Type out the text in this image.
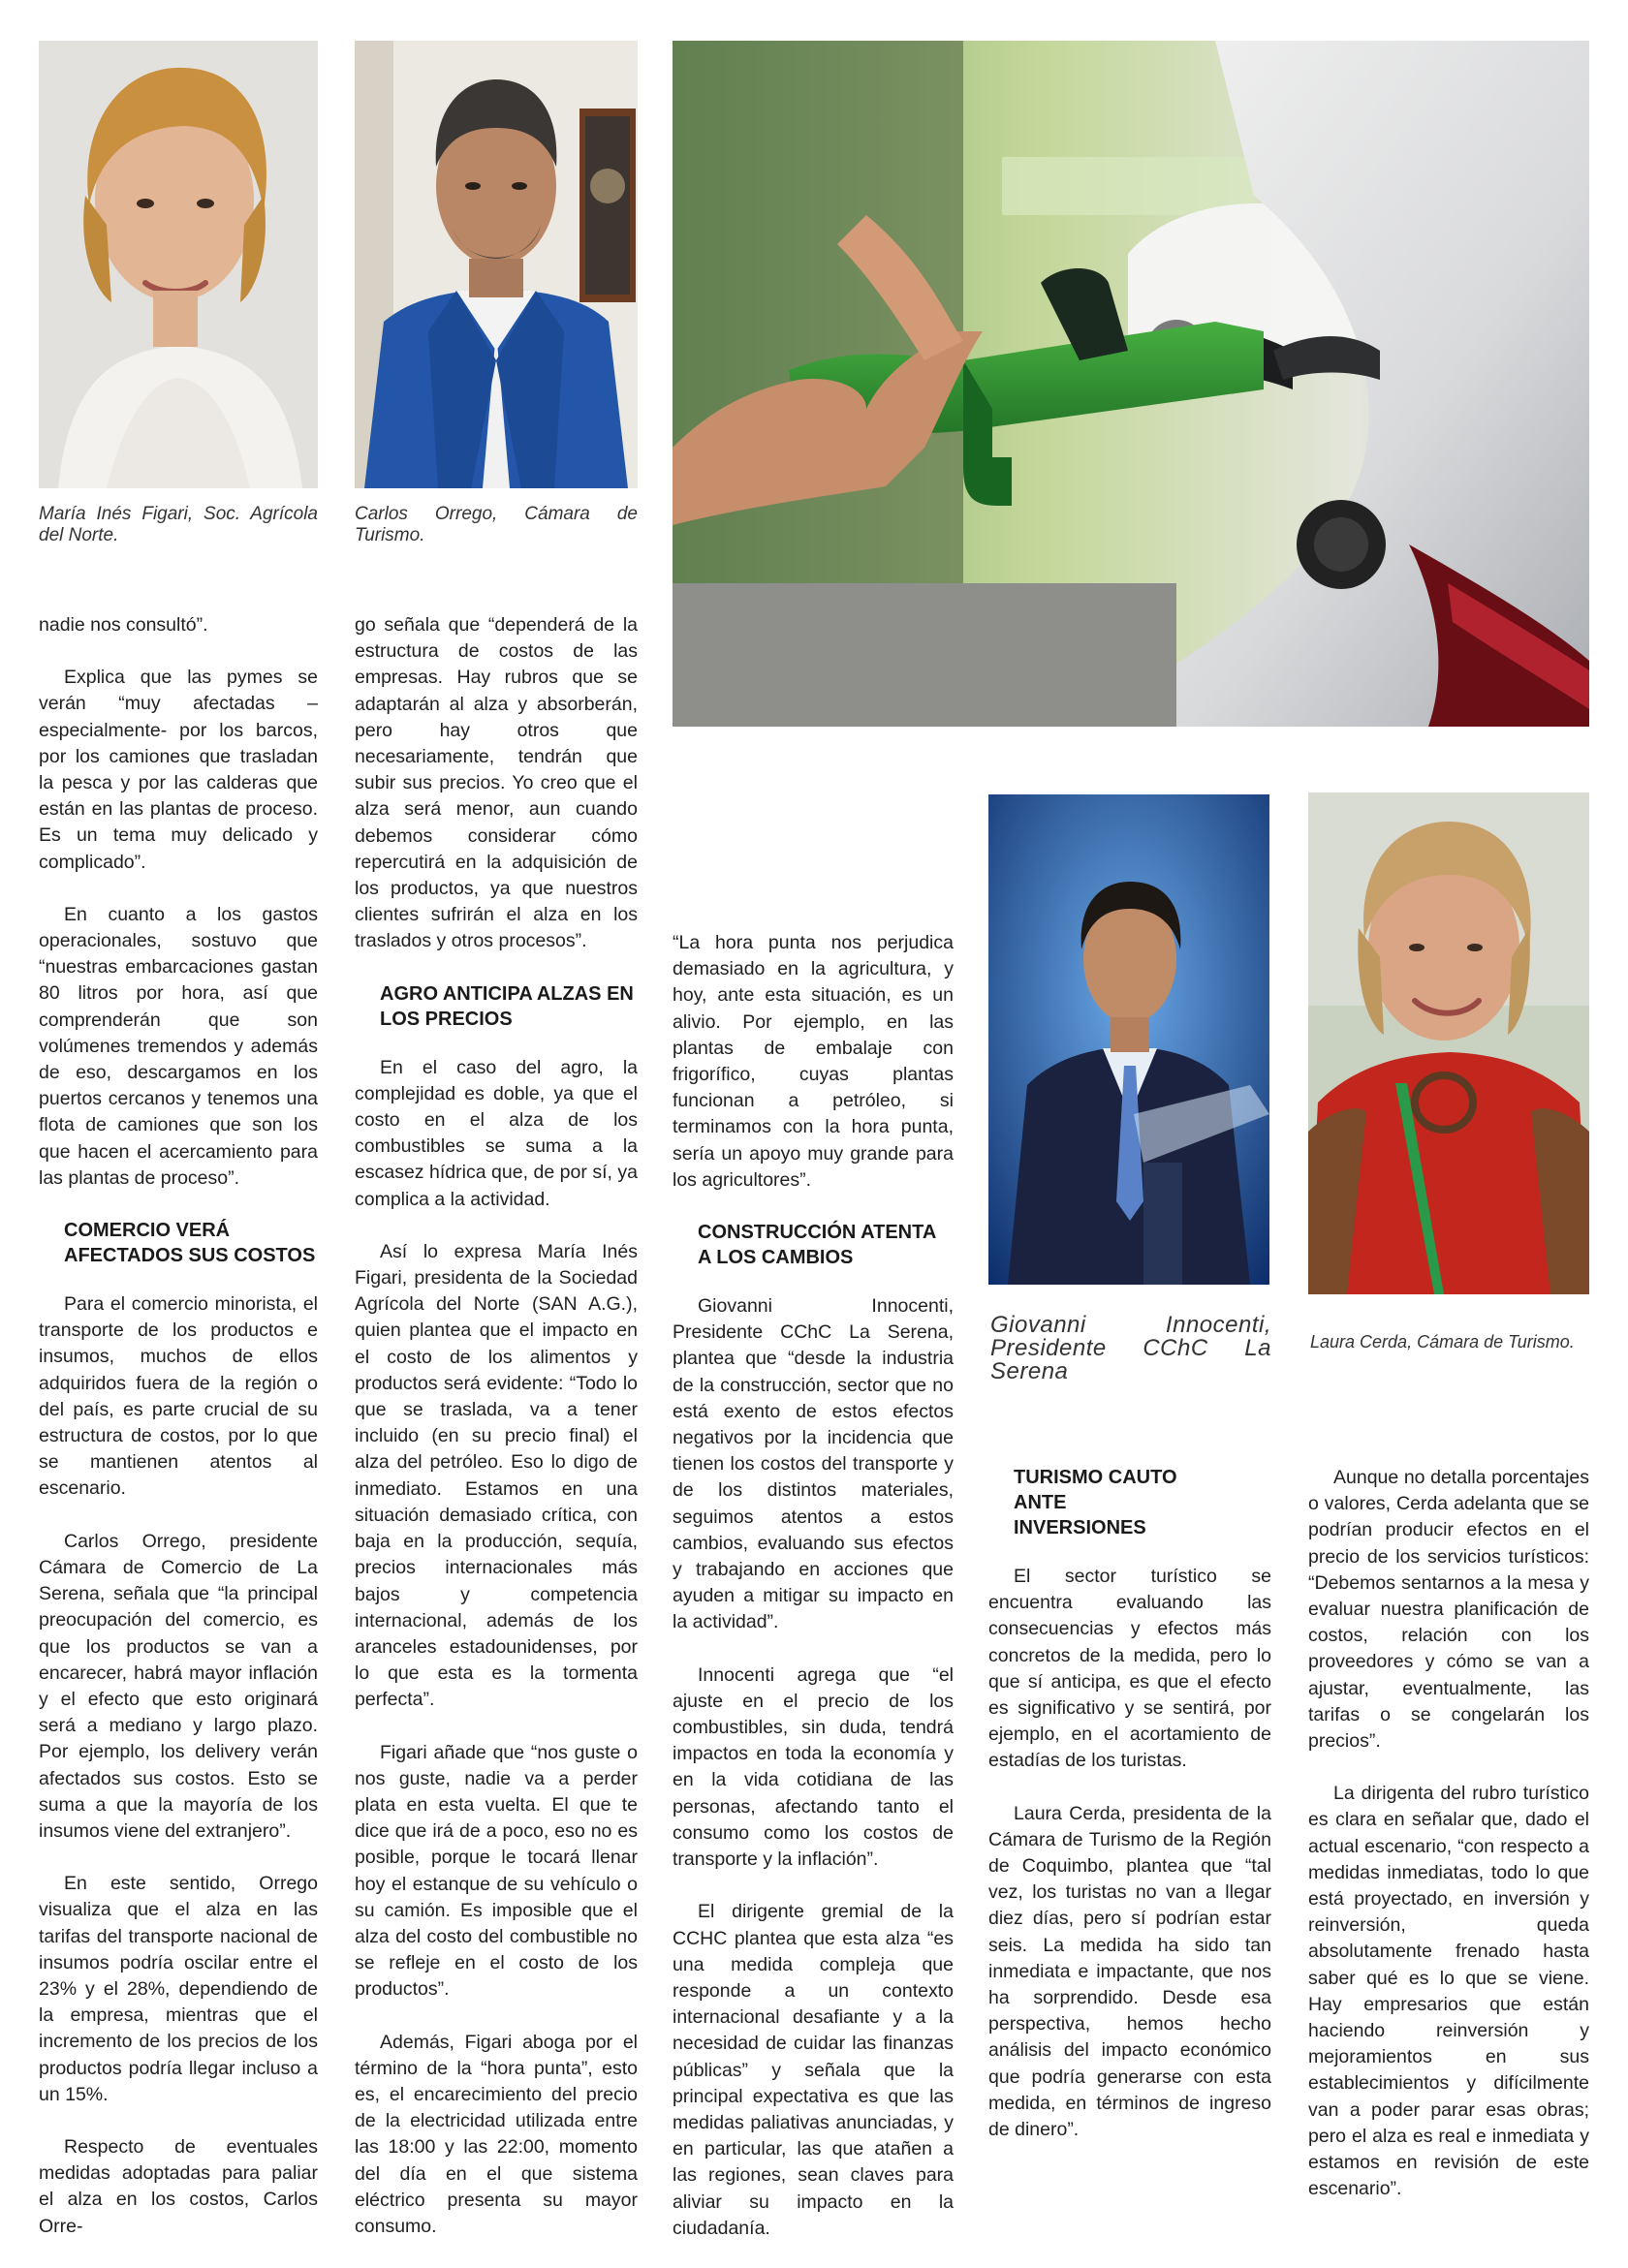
María Inés Figari, Soc. Agrícola del Norte.
Carlos Orrego, Cámara de Turismo.
Giovanni Innocenti, Presidente CChC La Serena
Laura Cerda, Cámara de Turismo.

nadie nos consultó”.

Explica que las pymes se verán “muy afectadas –especialmente- por los barcos, por los camiones que trasladan la pesca y por las calderas que están en las plantas de proceso. Es un tema muy delicado y complicado”.

En cuanto a los gastos operacionales, sostuvo que “nuestras embarcaciones gastan 80 litros por hora, así que comprenderán que son volúmenes tremendos y además de eso, descargamos en los puertos cercanos y tenemos una flota de camiones que son los que hacen el acercamiento para las plantas de proceso”.

COMERCIO VERÁ AFECTADOS SUS COSTOS

Para el comercio minorista, el transporte de los productos e insumos, muchos de ellos adquiridos fuera de la región o del país, es parte crucial de su estructura de costos, por lo que se mantienen atentos al escenario.

Carlos Orrego, presidente Cámara de Comercio de La Serena, señala que “la principal preocupación del comercio, es que los productos se van a encarecer, habrá mayor inflación y el efecto que esto originará será a mediano y largo plazo. Por ejemplo, los delivery verán afectados sus costos. Esto se suma a que la mayoría de los insumos viene del extranjero”.

En este sentido, Orrego visualiza que el alza en las tarifas del transporte nacional de insumos podría oscilar entre el 23% y el 28%, dependiendo de la empresa, mientras que el incremento de los precios de los productos podría llegar incluso a un 15%.

Respecto de eventuales medidas adoptadas para paliar el alza en los costos, Carlos Orre-

go señala que “dependerá de la estructura de costos de las empresas. Hay rubros que se adaptarán al alza y absorberán, pero hay otros que necesariamente, tendrán que subir sus precios. Yo creo que el alza será menor, aun cuando debemos considerar cómo repercutirá en la adquisición de los productos, ya que nuestros clientes sufrirán el alza en los traslados y otros procesos”.

AGRO ANTICIPA ALZAS EN LOS PRECIOS

En el caso del agro, la complejidad es doble, ya que el costo en el alza de los combustibles se suma a la escasez hídrica que, de por sí, ya complica a la actividad.

Así lo expresa María Inés Figari, presidenta de la Sociedad Agrícola del Norte (SAN A.G.), quien plantea que el impacto en el costo de los alimentos y productos será evidente: “Todo lo que se traslada, va a tener incluido (en su precio final) el alza del petróleo. Eso lo digo de inmediato. Estamos en una situación demasiado crítica, con baja en la producción, sequía, precios internacionales más bajos y competencia internacional, además de los aranceles estadounidenses, por lo que esta es la tormenta perfecta”.

Figari añade que “nos guste o nos guste, nadie va a perder plata en esta vuelta. El que te dice que irá de a poco, eso no es posible, porque le tocará llenar hoy el estanque de su vehículo o su camión. Es imposible que el alza del costo del combustible no se refleje en el costo de los productos”.

Además, Figari aboga por el término de la “hora punta”, esto es, el encarecimiento del precio de la electricidad utilizada entre las 18:00 y las 22:00, momento del día en el que sistema eléctrico presenta su mayor consumo.

“La hora punta nos perjudica demasiado en la agricultura, y hoy, ante esta situación, es un alivio. Por ejemplo, en las plantas de embalaje con frigorífico, cuyas plantas funcionan a petróleo, si terminamos con la hora punta, sería un apoyo muy grande para los agricultores”.

CONSTRUCCIÓN ATENTA A LOS CAMBIOS

Giovanni Innocenti, Presidente CChC La Serena, plantea que “desde la industria de la construcción, sector que no está exento de estos efectos negativos por la incidencia que tienen los costos del transporte y de los distintos materiales, seguimos atentos a estos cambios, evaluando sus efectos y trabajando en acciones que ayuden a mitigar su impacto en la actividad”.

Innocenti agrega que “el ajuste en el precio de los combustibles, sin duda, tendrá impactos en toda la economía y en la vida cotidiana de las personas, afectando tanto el consumo como los costos de transporte y la inflación”.

El dirigente gremial de la CCHC plantea que esta alza “es una medida compleja que responde a un contexto internacional desafiante y a la necesidad de cuidar las finanzas públicas” y señala que la principal expectativa es que las medidas paliativas anunciadas, y en particular, las que atañen a las regiones, sean claves para aliviar su impacto en la ciudadanía.

TURISMO CAUTO ANTE INVERSIONES

El sector turístico se encuentra evaluando las consecuencias y efectos más concretos de la medida, pero lo que sí anticipa, es que el efecto es significativo y se sentirá, por ejemplo, en el acortamiento de estadías de los turistas.

Laura Cerda, presidenta de la Cámara de Turismo de la Región de Coquimbo, plantea que “tal vez, los turistas no van a llegar diez días, pero sí podrían estar seis. La medida ha sido tan inmediata e impactante, que nos ha sorprendido. Desde esa perspectiva, hemos hecho análisis del impacto económico que podría generarse con esta medida, en términos de ingreso de dinero”.

Aunque no detalla porcentajes o valores, Cerda adelanta que se podrían producir efectos en el precio de los servicios turísticos: “Debemos sentarnos a la mesa y evaluar nuestra planificación de costos, relación con los proveedores y cómo se van a ajustar, eventualmente, las tarifas o se congelarán los precios”.

La dirigenta del rubro turístico es clara en señalar que, dado el actual escenario, “con respecto a medidas inmediatas, todo lo que está proyectado, en inversión y reinversión, queda absolutamente frenado hasta saber qué es lo que se viene. Hay empresarios que están haciendo reinversión y mejoramientos en sus establecimientos y difícilmente van a poder parar esas obras; pero el alza es real e inmediata y estamos en revisión de este escenario”.
